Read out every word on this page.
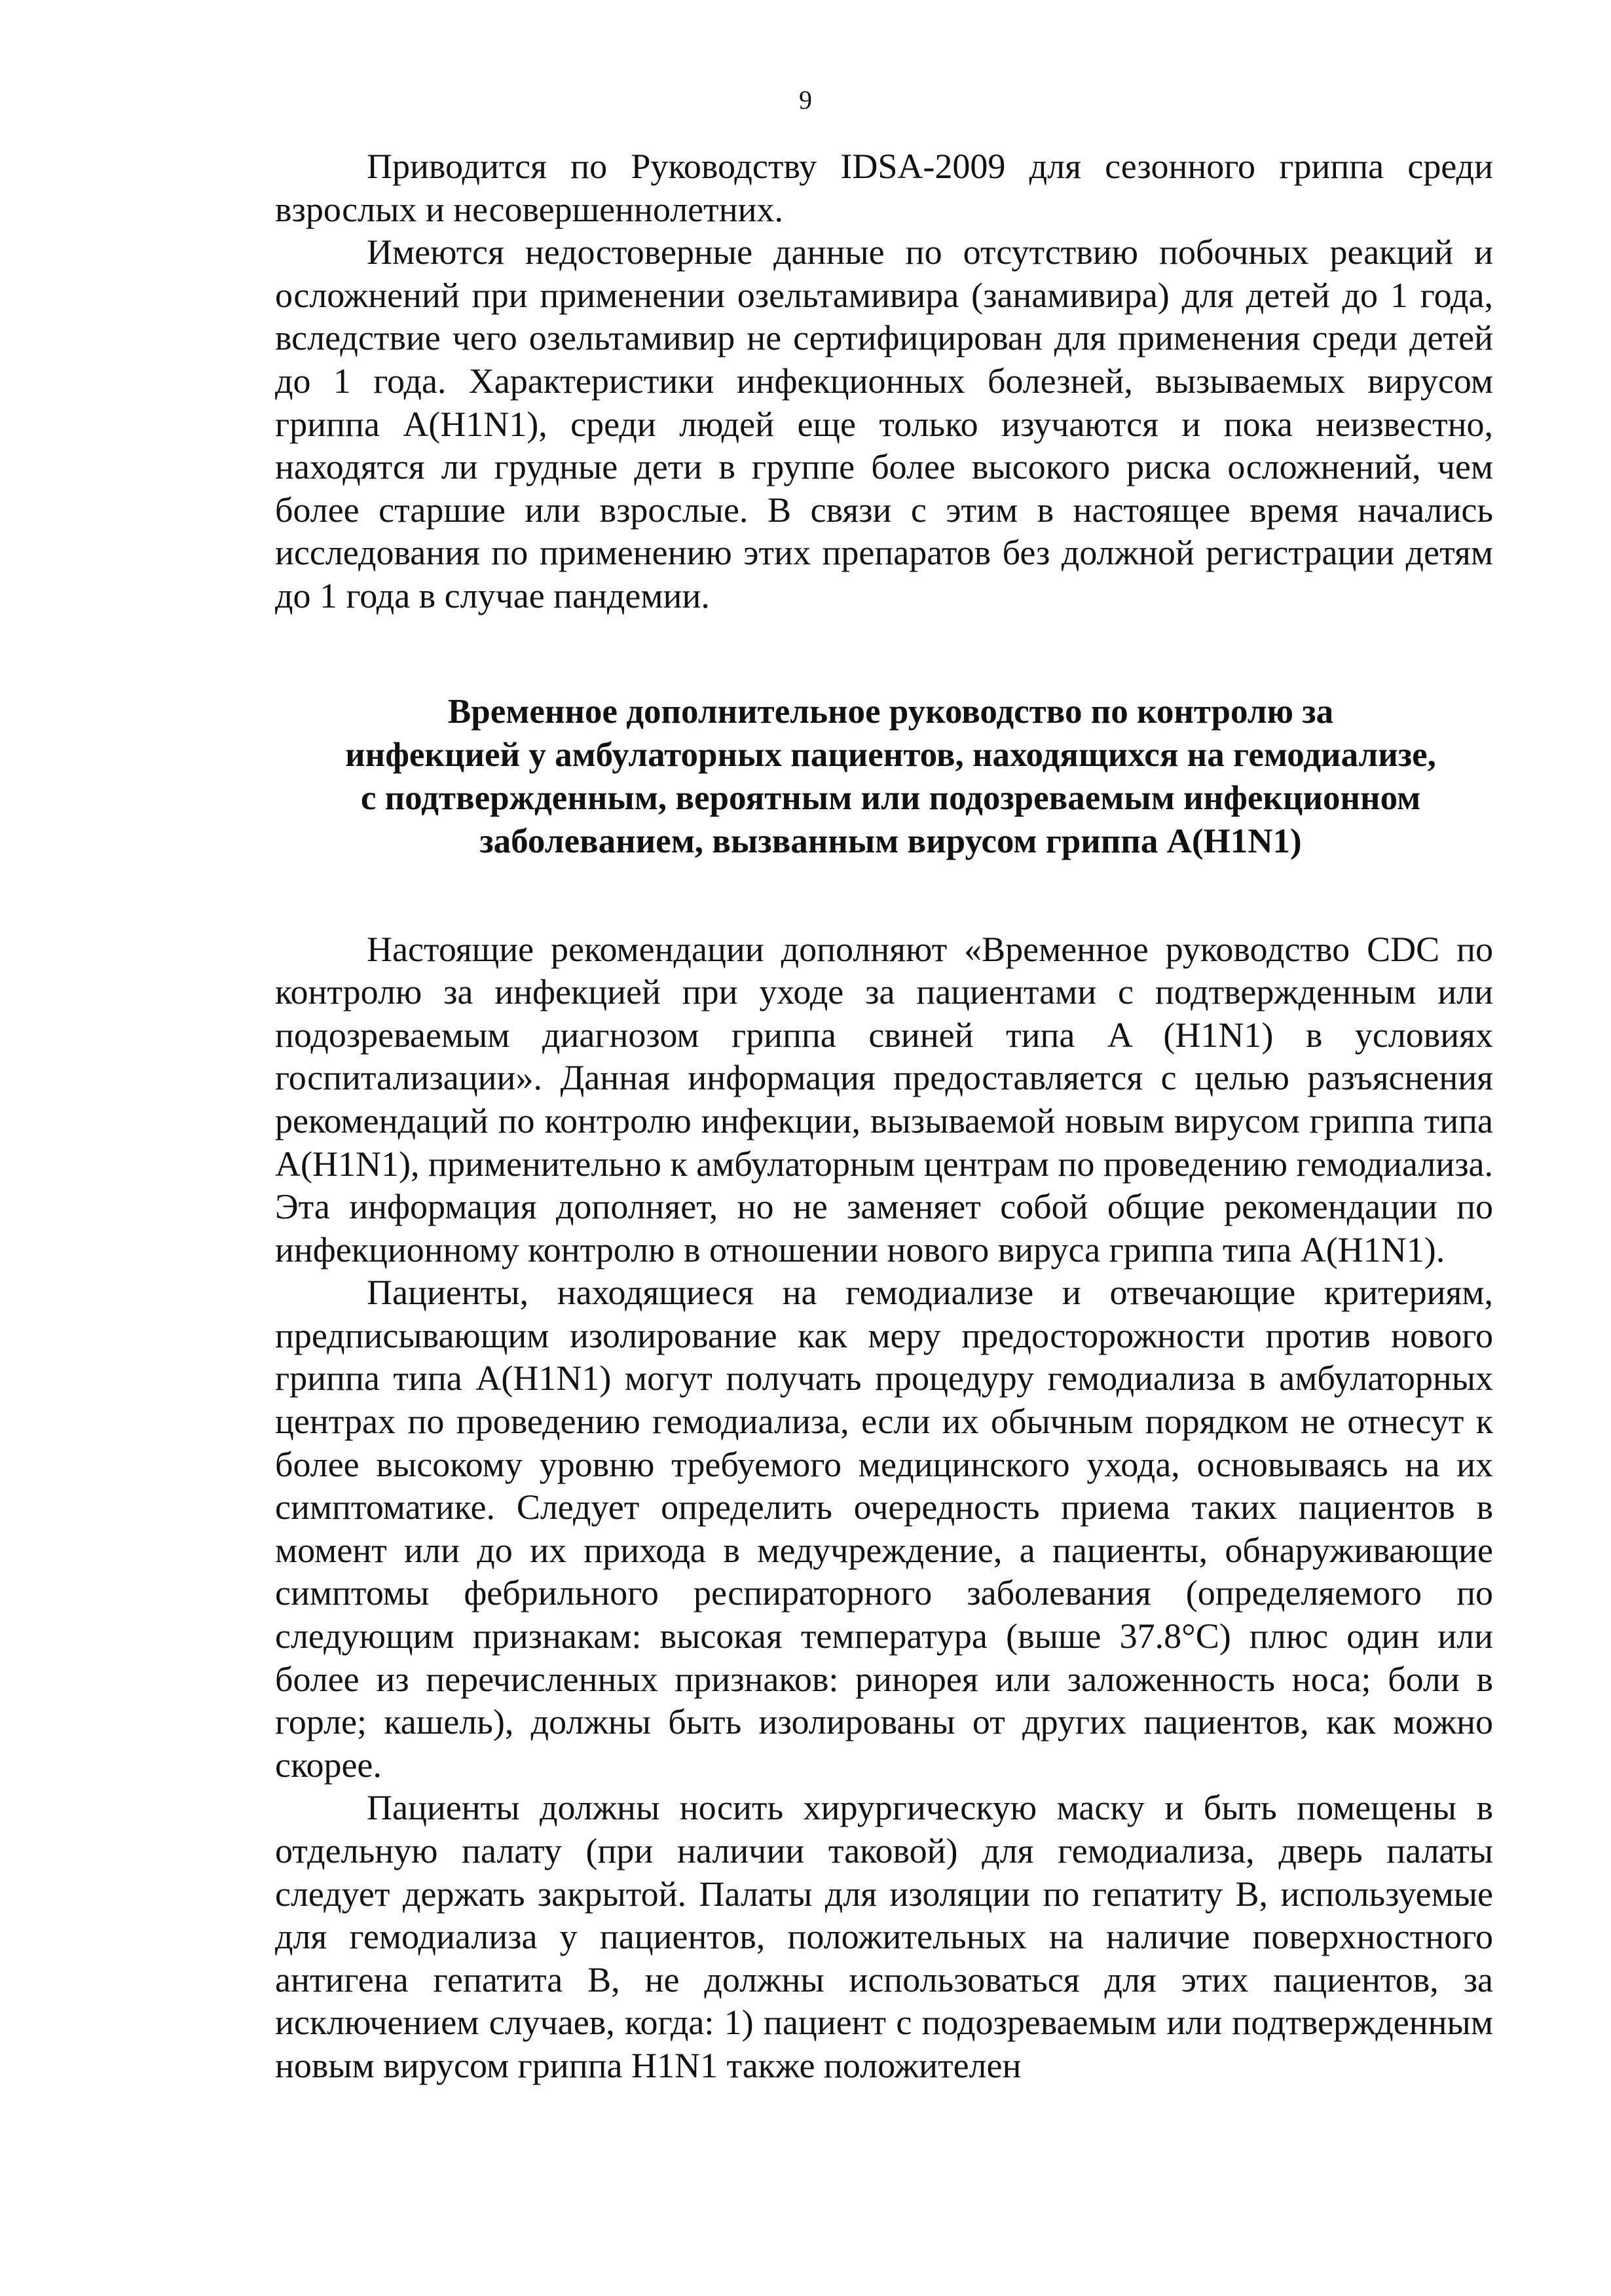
9

Приводится по Руководству IDSA-2009 для сезонного гриппа среди взрослых и несовершеннолетних.

Имеются недостоверные данные по отсутствию побочных реакций и осложнений при применении озельтамивира (занамивира) для детей до 1 года, вследствие чего озельтамивир не сертифицирован для применения среди детей до 1 года. Характеристики инфекционных болезней, вызываемых вирусом гриппа A(H1N1), среди людей еще только изучаются и пока неизвестно, находятся ли грудные дети в группе более высокого риска осложнений, чем более старшие или взрослые. В связи с этим в настоящее время начались исследования по применению этих препаратов без должной регистрации детям до 1 года в случае пандемии.

Временное дополнительное руководство по контролю за
инфекцией у амбулаторных пациентов, находящихся на гемодиализе,
с подтвержденным, вероятным или подозреваемым инфекционном
заболеванием, вызванным вирусом гриппа A(H1N1)

Настоящие рекомендации дополняют «Временное руководство CDC по контролю за инфекцией при уходе за пациентами с подтвержденным или подозреваемым диагнозом гриппа свиней типа A (H1N1) в условиях госпитализации». Данная информация предоставляется с целью разъяснения рекомендаций по контролю инфекции, вызываемой новым вирусом гриппа типа A(H1N1), применительно к амбулаторным центрам по проведению гемодиализа. Эта информация дополняет, но не заменяет собой общие рекомендации по инфекционному контролю в отношении нового вируса гриппа типа A(H1N1).

Пациенты, находящиеся на гемодиализе и отвечающие критериям, предписывающим изолирование как меру предосторожности против нового гриппа типа A(H1N1) могут получать процедуру гемодиализа в амбулаторных центрах по проведению гемодиализа, если их обычным порядком не отнесут к более высокому уровню требуемого медицинского ухода, основываясь на их симптоматике. Следует определить очередность приема таких пациентов в момент или до их прихода в медучреждение, а пациенты, обнаруживающие симптомы фебрильного респираторного заболевания (определяемого по следующим признакам: высокая температура (выше 37.8°C) плюс один или более из перечисленных признаков: ринорея или заложенность носа; боли в горле; кашель), должны быть изолированы от других пациентов, как можно скорее.

Пациенты должны носить хирургическую маску и быть помещены в отдельную палату (при наличии таковой) для гемодиализа, дверь палаты следует держать закрытой. Палаты для изоляции по гепатиту B, используемые для гемодиализа у пациентов, положительных на наличие поверхностного антигена гепатита B, не должны использоваться для этих пациентов, за исключением случаев, когда: 1) пациент с подозреваемым или подтвержденным новым вирусом гриппа H1N1 также положителен
